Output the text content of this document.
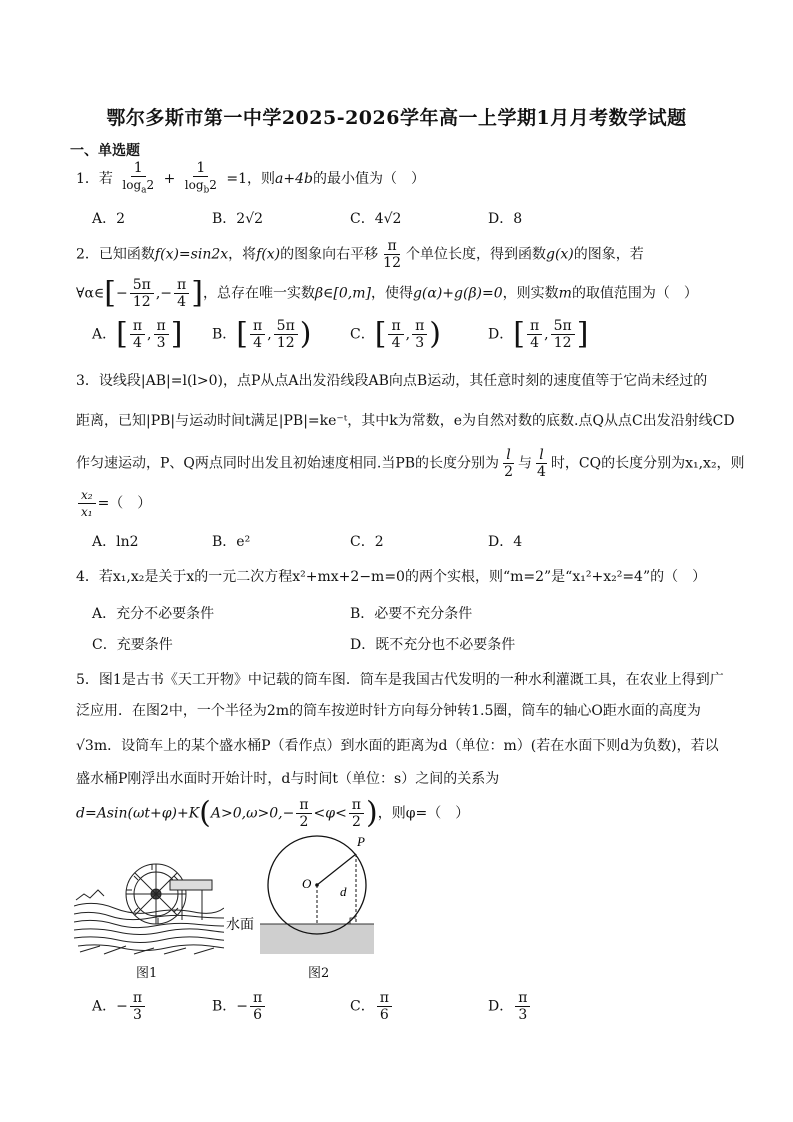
鄂尔多斯市第一中学2025-2026学年高一上学期1月月考数学试题
一、单选题
1．若 $\frac{1}{\log_a2} + \frac{1}{\log_b2} =1$，则a+4b的最小值为（　）
A．2	B．2√2	C．4√2	D．8
2．已知函数f(x)=sin2x，将f(x)的图象向右平移 $\frac{\pi}{12}$ 个单位长度，得到函数g(x)的图象，若
∀α∈[− $\frac{5\pi}{12}$ ,− $\frac{\pi}{4}$ ]，总存在唯一实数β∈[0,m]，使得g(α)+g(β)=0，则实数m的取值范围为（　）
A．[ $\frac{\pi}{4}$ , $\frac{\pi}{3}$ ] B．[ $\frac{\pi}{4}$ , $\frac{5\pi}{12}$ )	C．[ $\frac{\pi}{4}$ , $\frac{\pi}{3}$ )	D．[ $\frac{\pi}{4}$ , $\frac{5\pi}{12}$ ]
3．设线段|AB|=l(l>0)，点P从点A出发沿线段AB向点B运动，其任意时刻的速度值等于它尚未经过的
距离，已知|PB|与运动时间t满足|PB|=ke⁻ᵗ，其中k为常数，e为自然对数的底数.点Q从点C出发沿射线CD
作匀速运动，P、Q两点同时出发且初始速度相同.当PB的长度分别为 $\frac{l}{2}$ 与 $\frac{l}{4}$ 时，CQ的长度分别为x₁,x₂，则
$\frac{\text{x₂}}{\text{x₁}}$ =（　）
A．ln2	B．e²	C．2	D．4
4．若x₁,x₂是关于x的一元二次方程x²+mx+2−m=0的两个实根，则“m=2”是“x₁²+x₂²=4”的（　）
A．充分不必要条件	B．必要不充分条件
C．充要条件	D．既不充分也不必要条件
5．图1是古书《天工开物》中记载的筒车图．筒车是我国古代发明的一种水利灌溉工具，在农业上得到广
泛应用．在图2中，一个半径为2m的筒车按逆时针方向每分钟转1.5圈，筒车的轴心O距水面的高度为
√3m．设筒车上的某个盛水桶P（看作点）到水面的距离为d（单位：m）(若在水面下则d为负数)，若以
盛水桶P刚浮出水面时开始计时，d与时间t（单位：s）之间的关系为
$d=Asin(\omega t+\varphi)+K(A>0,\omega>0,- \frac{\pi}{2} <\varphi< \frac{\pi}{2}$ )，则φ=（　）
图1
P
O
d
水面
图2
A．− $\frac{\pi}{3}$	B．− $\frac{\pi}{6}$	C． $\frac{\pi}{6}$	D． $\frac{\pi}{3}$
